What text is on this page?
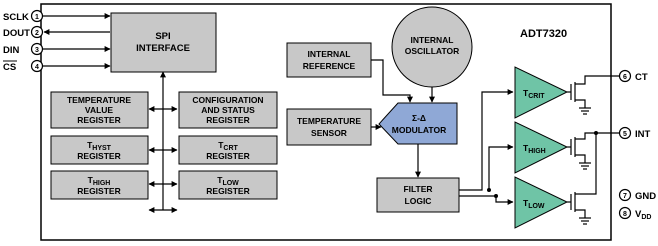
ADT7320
SCLK 1
DOUT 2
DIN 3
CS	4
SPI
INTERFACE
TEMPERATURE
VALUE
REGISTER
CONFIGURATION
AND STATUS
REGISTER
$T_{HYST}$
REGISTER
$T_{CRT}$
REGISTER
$T_{HIGH}$
REGISTER
$T_{LOW}$
REGISTER
INTERNAL
REFERENCE
INTERNAL
OSCILLATOR
TEMPERATURE
SENSOR
Σ-Δ
MODULATOR
FILTER
LOGIC
$T_{CRIT}$
$T_{HIGH}$
$T_{LOW}$
6 CT
5 INT
7 GND
8 $V_{DD}$
